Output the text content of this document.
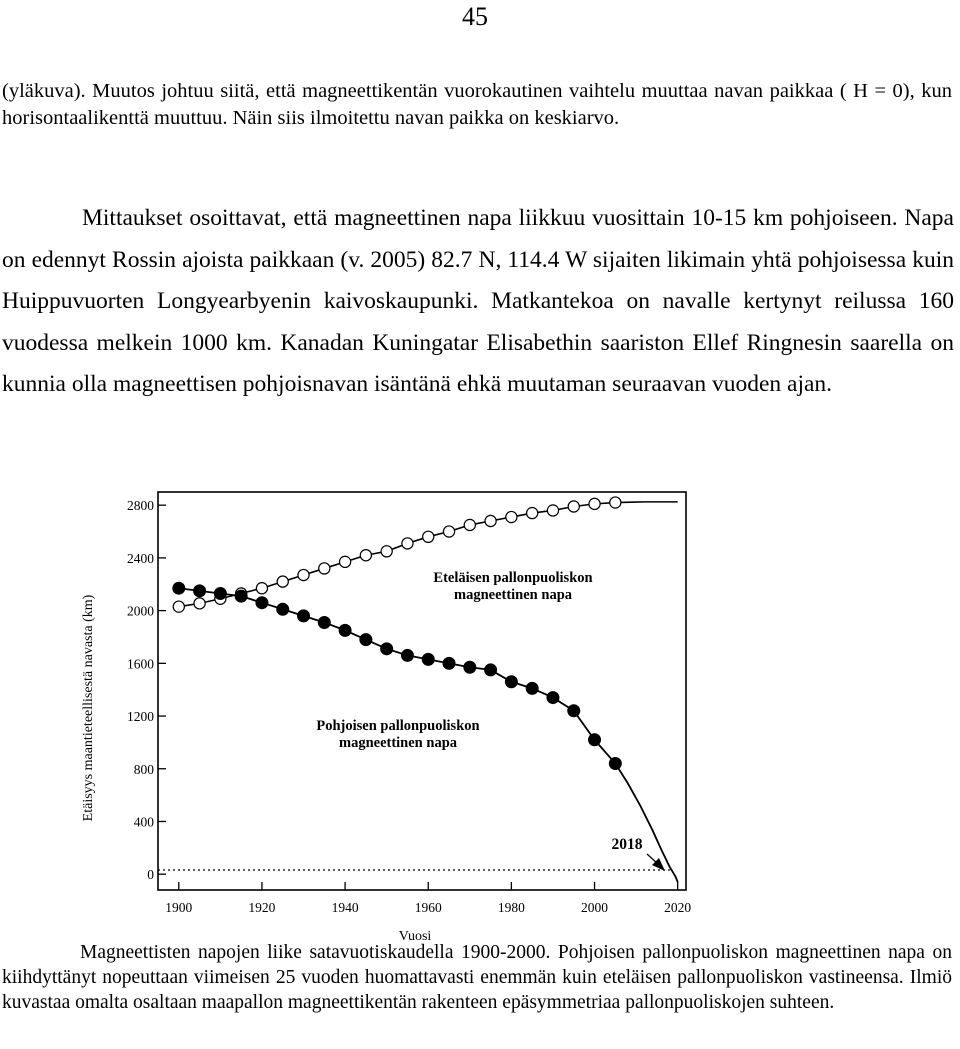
45

(yläkuva). Muutos johtuu siitä, että magneettikentän vuorokautinen vaihtelu muuttaa navan paikkaa ( H = 0), kun horisontaalikenttä muuttuu. Näin siis ilmoitettu navan paikka on keskiarvo.

Mittaukset osoittavat, että magneettinen napa liikkuu vuosittain 10-15 km pohjoiseen. Napa on edennyt Rossin ajoista paikkaan (v. 2005) 82.7 N, 114.4 W sijaiten likimain yhtä pohjoisessa kuin Huippuvuorten Longyearbyenin kaivoskaupunki. Matkantekoa on navalle kertynyt reilussa 160 vuodessa melkein 1000 km. Kanadan Kuningatar Elisabethin saariston Ellef Ringnesin saarella on kunnia olla magneettisen pohjoisnavan isäntänä ehkä muutaman seuraavan vuoden ajan.

0
400
800
1200
1600
2000
2400
2800
1900	1920	1940	1960	1980	2000	2020
Etäisyys maantieteellisestä navasta (km)
Vuosi
Eteläisen pallonpuoliskon
magneettinen napa
Pohjoisen pallonpuoliskon
magneettinen napa
2018

Magneettisten napojen liike satavuotiskaudella 1900-2000. Pohjoisen pallonpuoliskon magneettinen napa on kiihdyttänyt nopeuttaan viimeisen 25 vuoden huomattavasti enemmän kuin eteläisen pallonpuoliskon vastineensa. Ilmiö kuvastaa omalta osaltaan maapallon magneettikentän rakenteen epäsymmetriaa pallonpuoliskojen suhteen.
